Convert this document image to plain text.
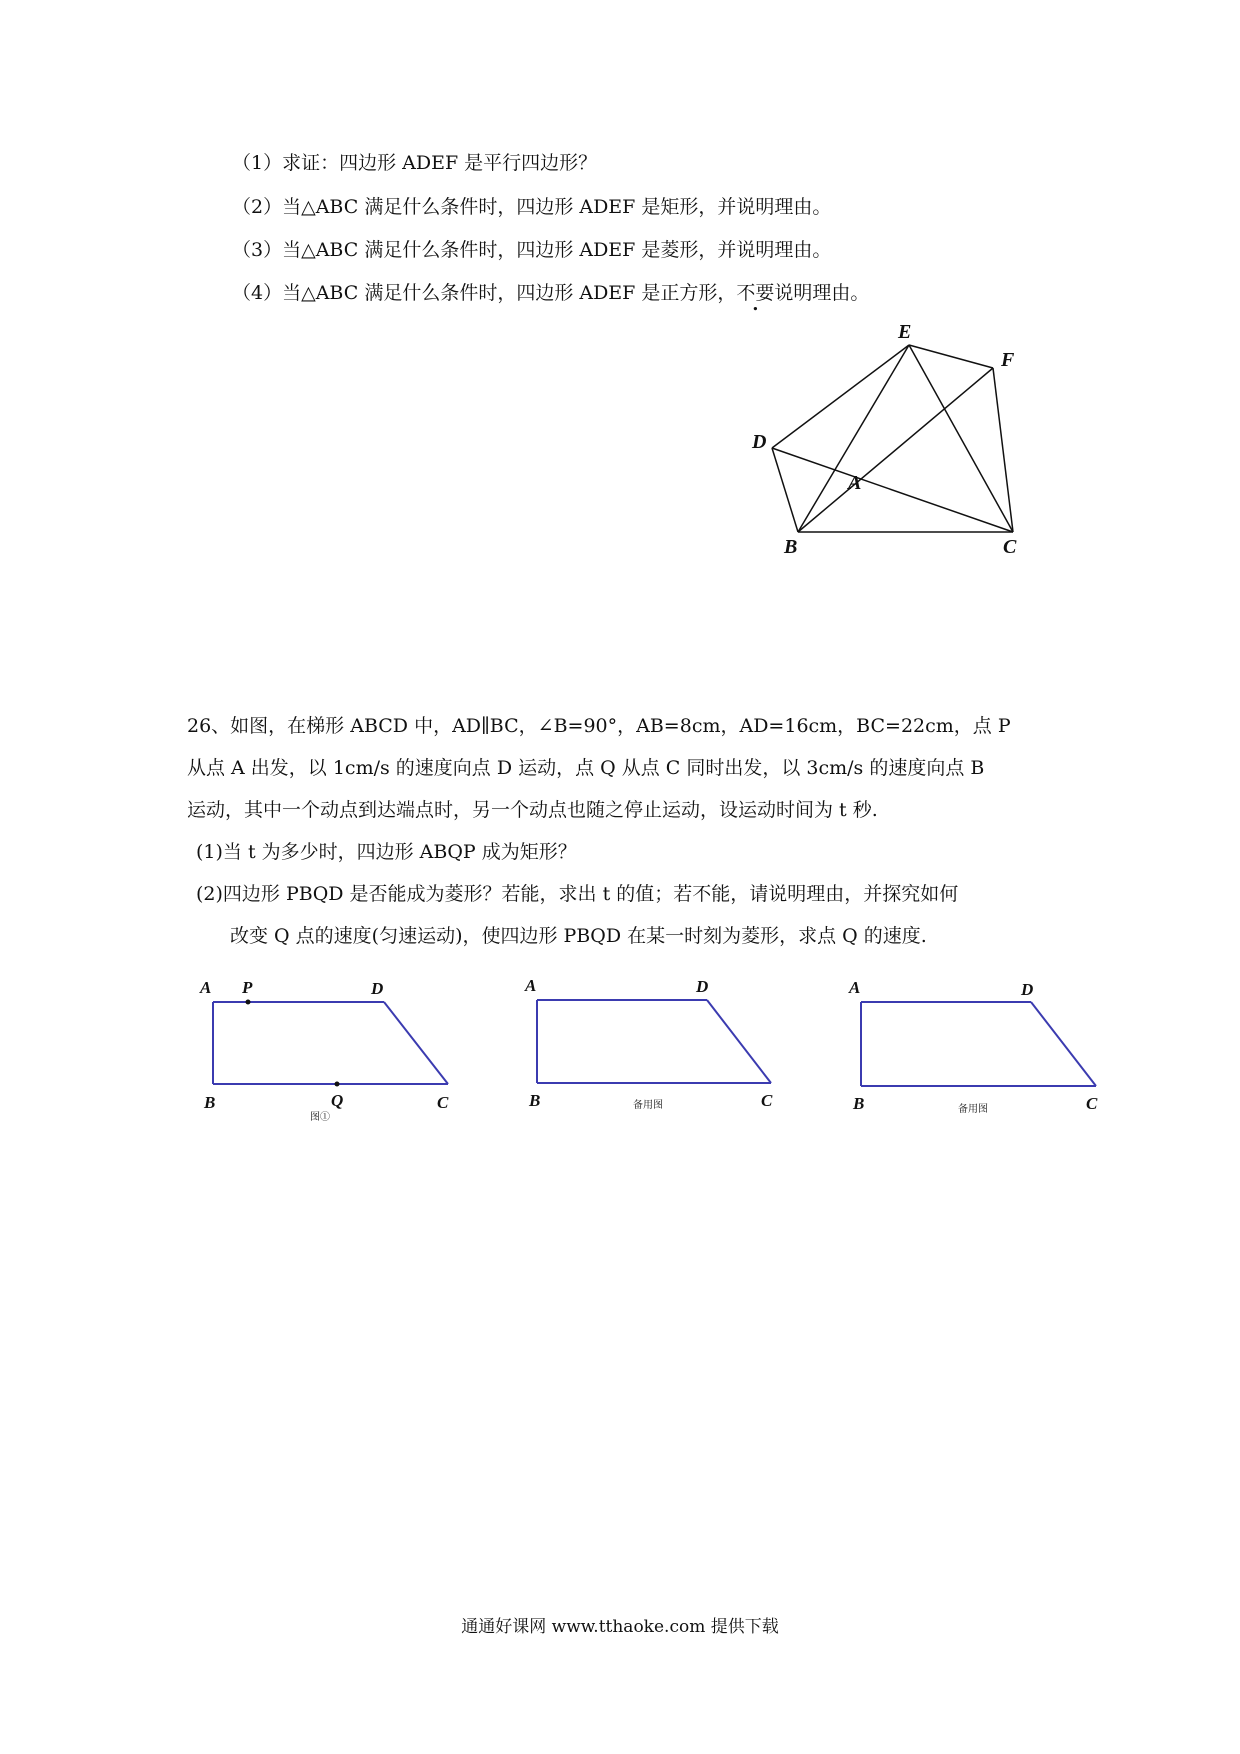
（1）求证：四边形 ADEF 是平行四边形？
（2）当△ABC 满足什么条件时，四边形 ADEF 是矩形，并说明理由。
（3）当△ABC 满足什么条件时，四边形 ADEF 是菱形，并说明理由。
（4）当△ABC 满足什么条件时，四边形 ADEF 是正方形，不要说明理由。
E
F
D
A
B	C
26、如图，在梯形 ABCD 中，AD∥BC，∠B=90°，AB=8cm，AD=16cm，BC=22cm，点 P
从点 A 出发，以 1cm/s 的速度向点 D 运动，点 Q 从点 C 同时出发，以 3cm/s 的速度向点 B
运动，其中一个动点到达端点时，另一个动点也随之停止运动，设运动时间为 t 秒.
(1)当 t 为多少时，四边形 ABQP 成为矩形？
(2)四边形 PBQD 是否能成为菱形？若能，求出 t 的值；若不能，请说明理由，并探究如何
改变 Q 点的速度(匀速运动)，使四边形 PBQD 在某一时刻为菱形，求点 Q 的速度.
A P	D
B	Q	C
图①
A	D
B	C
备用图
A	D
B	C
备用图
通通好课网 www.tthaoke.com 提供下载
